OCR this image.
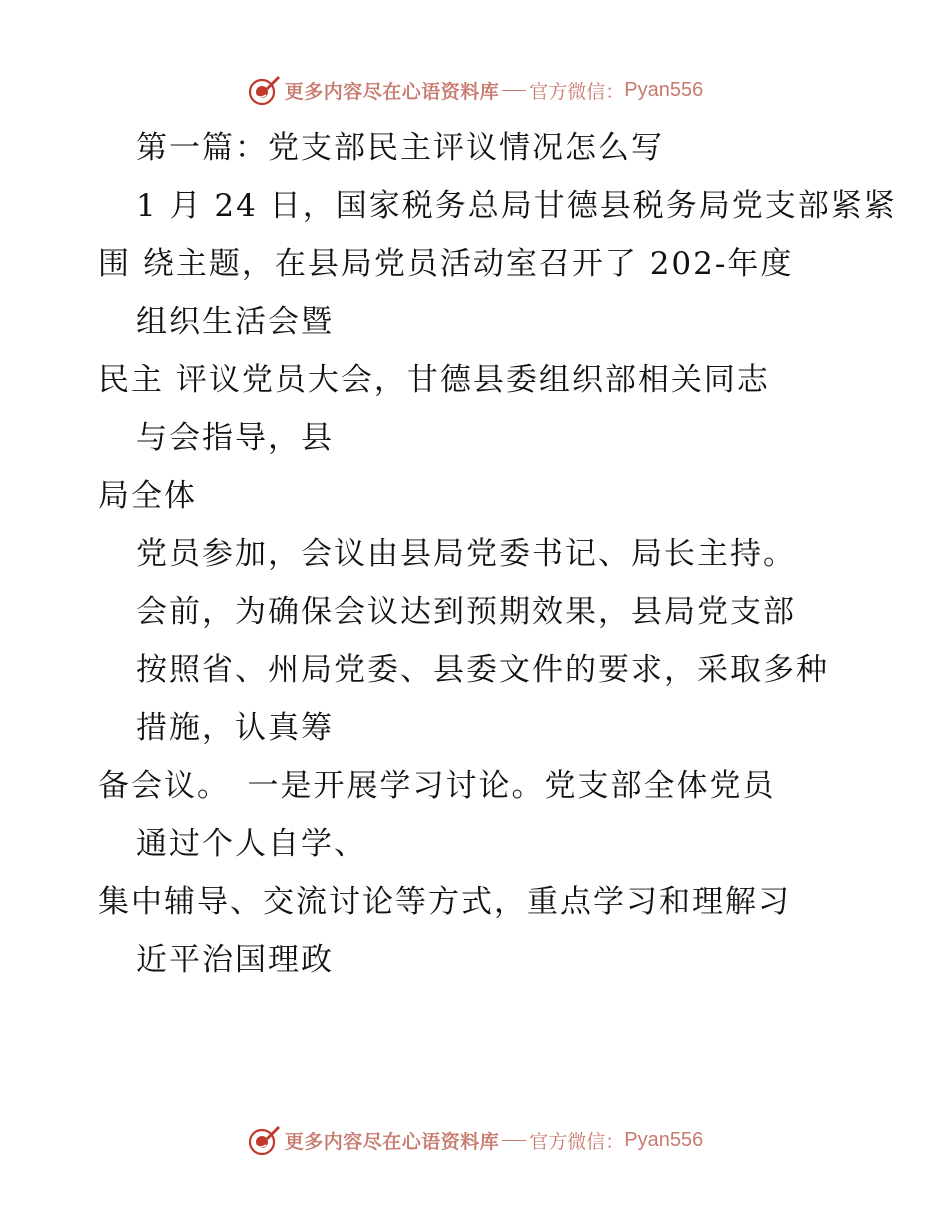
更多内容尽在心语资料库 官方微信： Pyan556
第一篇：党支部民主评议情况怎么写
1 月 24 日，国家税务总局甘德县税务局党支部紧紧
围 绕主题，在县局党员活动室召开了 202-年度
组织生活会暨
民主 评议党员大会，甘德县委组织部相关同志
与会指导，县
局全体
党员参加，会议由县局党委书记、局长主持。
会前，为确保会议达到预期效果，县局党支部
按照省、州局党委、县委文件的要求，采取多种
措施，认真筹
备会议。　一是开展学习讨论。党支部全体党员
通过个人自学、
集中辅导、交流讨论等方式，重点学习和理解习
近平治国理政
更多内容尽在心语资料库 官方微信： Pyan556
